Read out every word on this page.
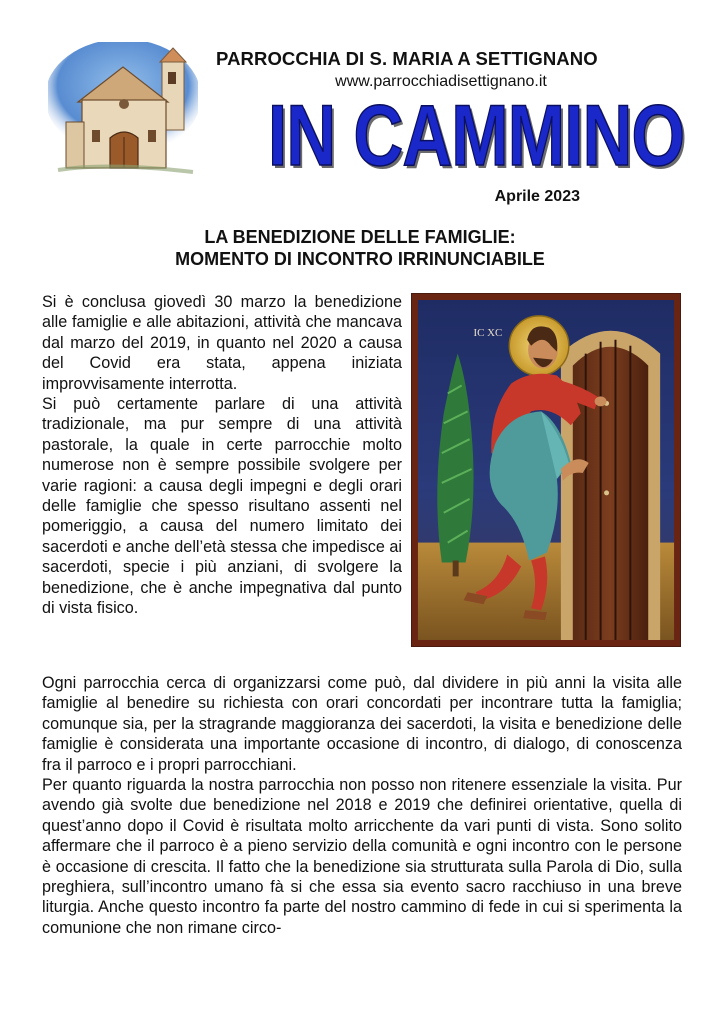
PARROCCHIA DI S. MARIA A SETTIGNANO
www.parrocchiadisettignano.it
IN CAMMINO
Aprile 2023
LA BENEDIZIONE DELLE FAMIGLIE:
MOMENTO DI INCONTRO IRRINUNCIABILE
IC XC

Si è conclusa giovedì 30 marzo la benedizione alle famiglie e alle abitazioni, attività che mancava dal marzo del 2019, in quanto nel 2020 a causa del Covid era stata, appena iniziata improvvisamente interrotta.

Si può certamente parlare di una attività tradizionale, ma pur sempre di una attività pastorale, la quale in certe parrocchie molto numerose non è sempre possibile svolgere per varie ragioni: a causa degli impegni e degli orari delle famiglie che spesso risultano assenti nel pomeriggio, a causa del numero limitato dei sacerdoti e anche dell’età stessa che impedisce ai sacerdoti, specie i più anziani, di svolgere la benedizione, che è anche impegnativa dal punto di vista fisico.

Ogni parrocchia cerca di organizzarsi come può, dal dividere in più anni la visita alle famiglie al benedire su richiesta con orari concordati per incontrare tutta la famiglia; comunque sia, per la stragrande maggioranza dei sacerdoti, la visita e benedizione delle famiglie è considerata una importante occasione di incontro, di dialogo, di conoscenza fra il parroco e i propri parrocchiani.

Per quanto riguarda la nostra parrocchia non posso non ritenere essenziale la visita. Pur avendo già svolte due benedizione nel 2018 e 2019 che definirei orientative, quella di quest’anno dopo il Covid è risultata molto arricchente da vari punti di vista. Sono solito affermare che il parroco è a pieno servizio della comunità e ogni incontro con le persone è occasione di crescita. Il fatto che la benedizione sia strutturata sulla Parola di Dio, sulla preghiera, sull’incontro umano fà si che essa sia evento sacro racchiuso in una breve liturgia. Anche questo incontro fa parte del nostro cammino di fede in cui si sperimenta la comunione che non rimane circo-
